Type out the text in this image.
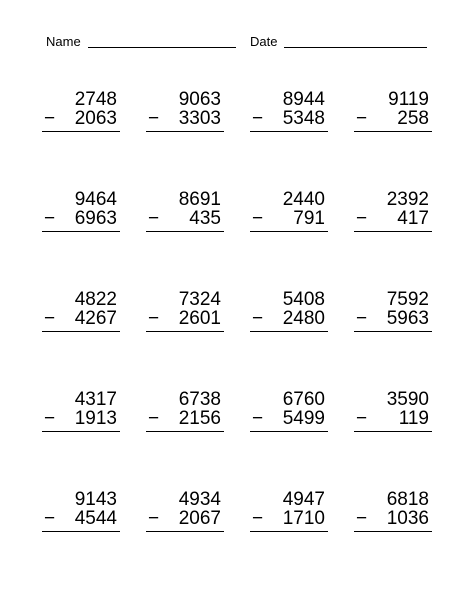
Name	Date
2748
− 2063
9063
− 3303
8944
− 5348
9119
− 258
9464
− 6963
8691
− 435
2440
− 791
2392
− 417
4822
− 4267
7324
− 2601
5408
− 2480
7592
− 5963
4317
− 1913
6738
− 2156
6760
− 5499
3590
− 119
9143
− 4544
4934
− 2067
4947
− 1710
6818
− 1036
